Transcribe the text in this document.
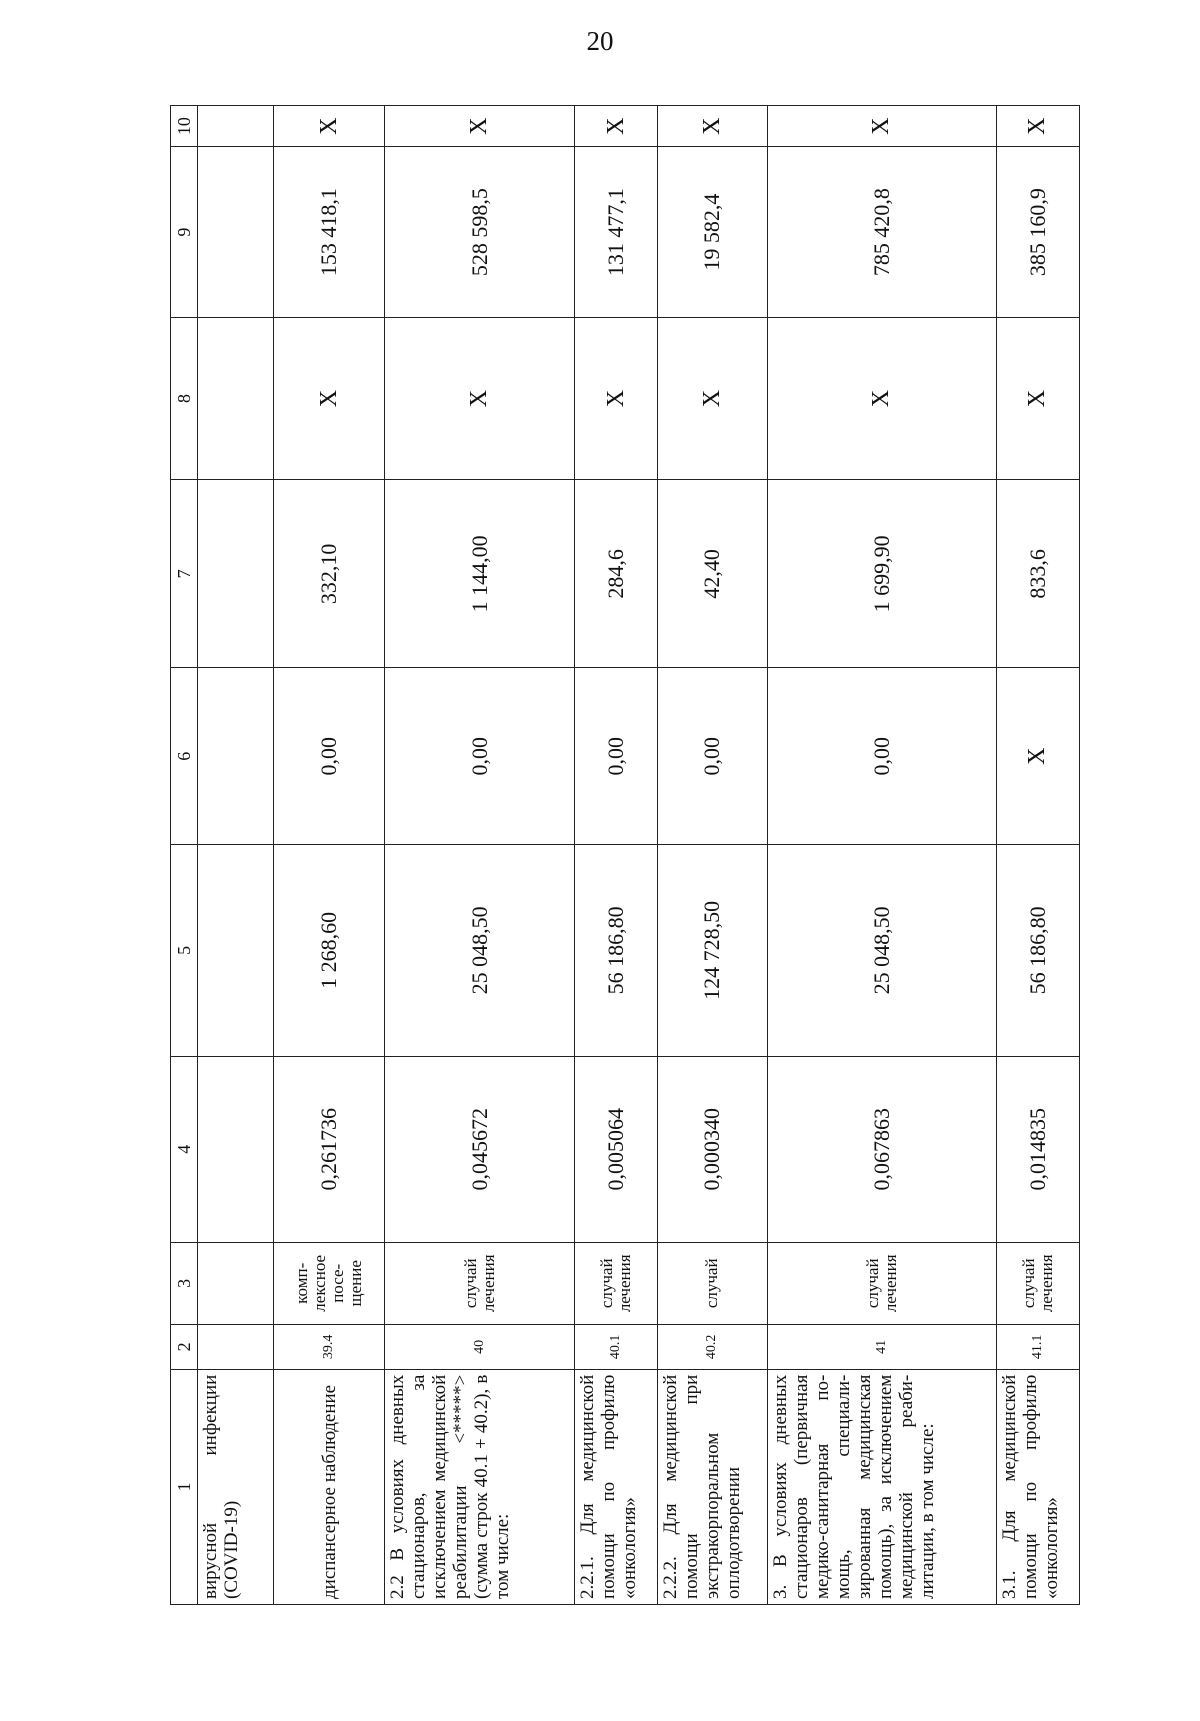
20
1	2	3	4	5	6	7	8	9	10
вирусной инфекции (COVID-19)									
диспансерное наблюдение	39.4	комп-лексное посе-щение	0,261736	1 268,60	0,00	332,10	X	153 418,1	X
2.2 В условиях дневных стационаров, за исключением медицинской реабилитации <*****> (сумма строк 40.1 + 40.2), в том числе:	40	случай лечения	0,045672	25 048,50	0,00	1 144,00	X	528 598,5	X
2.2.1. Для медицинской помощи по профилю «онкология»	40.1	случай лечения	0,005064	56 186,80	0,00	284,6	X	131 477,1	X
2.2.2. Для медицинской помощи при экстракорпоральном оплодотворении	40.2	случай	0,000340	124 728,50	0,00	42,40	X	19 582,4	X
3. В условиях дневных стационаров (первичная медико-санитарная по-мощь, специали-зированная медицинская помощь), за исключением медицинской реаби-литации, в том числе:	41	случай лечения	0,067863	25 048,50	0,00	1 699,90	X	785 420,8	X
3.1. Для медицинской помощи по профилю «онкология»	41.1	случай лечения	0,014835	56 186,80	X	833,6	X	385 160,9	X
